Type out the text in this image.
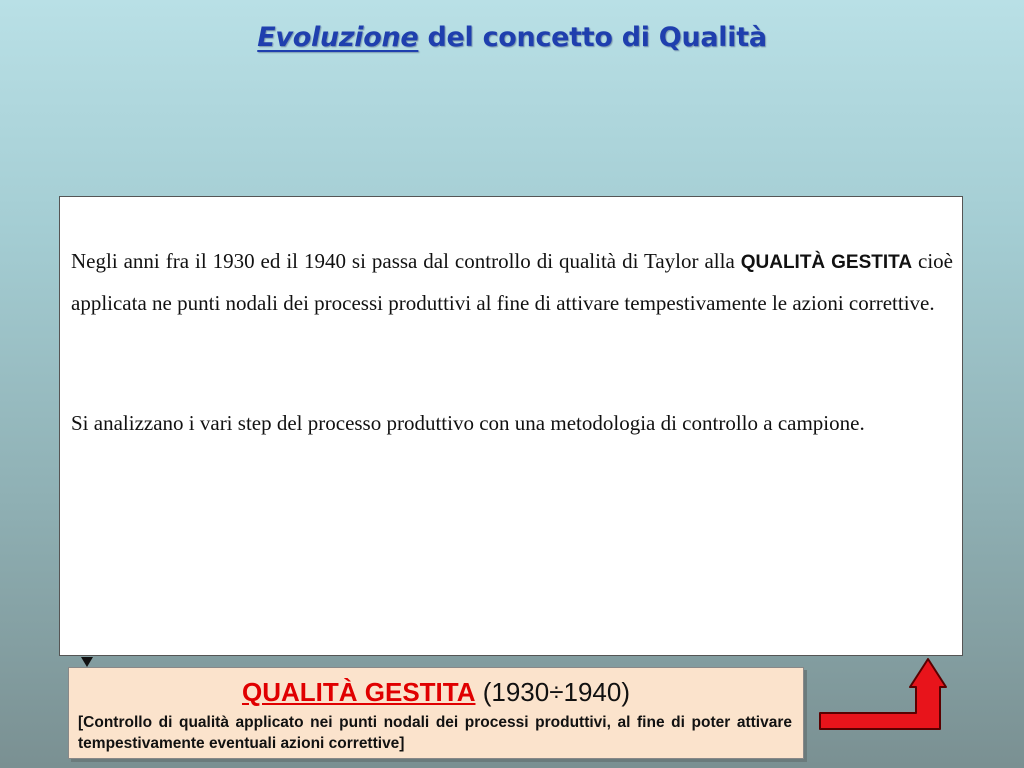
Evoluzione del concetto di Qualità
Negli anni fra il 1930 ed il 1940 si passa dal controllo di qualità di Taylor alla QUALITÀ GESTITA cioè applicata ne punti nodali dei processi produttivi al fine di attivare tempestivamente le azioni correttive.
Si analizzano i vari step del processo produttivo con una metodologia di controllo a campione.
QUALITÀ GESTITA (1930÷1940)
[Controllo di qualità applicato nei punti nodali dei processi produttivi, al fine di poter attivare tempestivamente eventuali azioni correttive]
